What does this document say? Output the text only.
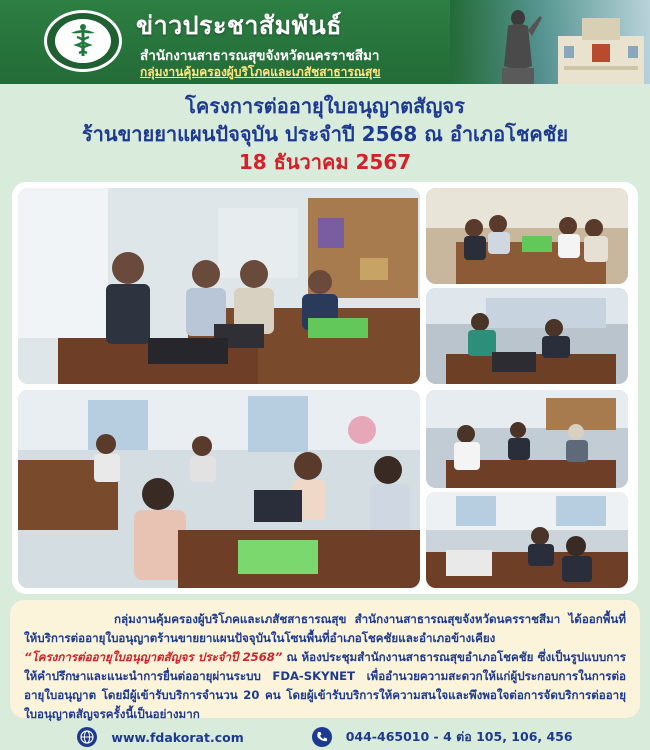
ข่าวประชาสัมพันธ์
สำนักงานสาธารณสุขจังหวัดนครราชสีมา
กลุ่มงานคุ้มครองผู้บริโภคและเภสัชสาธารณสุข
โครงการต่ออายุใบอนุญาตสัญจร
ร้านขายยาแผนปัจจุบัน ประจำปี 2568 ณ อำเภอโชคชัย
18 ธันวาคม 2567
กลุ่มงานคุ้มครองผู้บริโภคและเภสัชสาธารณสุข สำนักงานสาธารณสุขจังหวัดนครราชสีมา ได้ออกพื้นที่ให้บริการต่ออายุใบอนุญาตร้านขายยาแผนปัจจุบันในโซนพื้นที่อำเภอโชคชัยและอำเภอข้างเคียง
“โครงการต่ออายุใบอนุญาตสัญจร ประจำปี 2568” ณ ห้องประชุมสำนักงานสาธารณสุขอำเภอโชคชัย ซึ่งเป็นรูปแบบการให้คำปรึกษาและแนะนำการยื่นต่ออายุผ่านระบบ FDA-SKYNET เพื่ออำนวยความสะดวกให้แก่ผู้ประกอบการในการต่ออายุใบอนุญาต โดยมีผู้เข้ารับบริการจำนวน 20 คน โดยผู้เข้ารับบริการให้ความสนใจและพึงพอใจต่อการจัดบริการต่ออายุใบอนุญาตสัญจรครั้งนี้เป็นอย่างมาก
www.fdakorat.com	044-465010 - 4 ต่อ 105, 106, 456
